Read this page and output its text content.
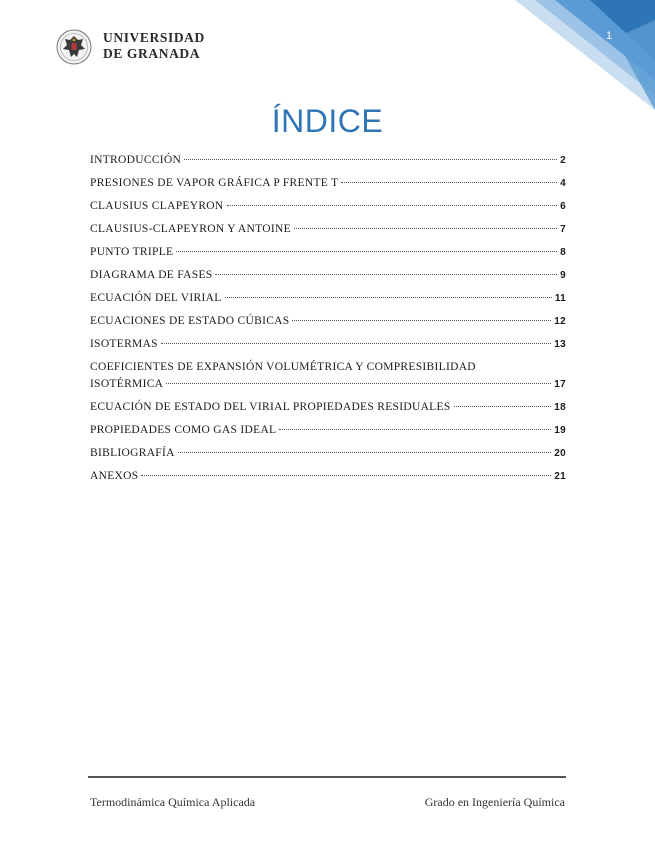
UNIVERSIDAD
DE GRANADA
1
ÍNDICE
INTRODUCCIÓN	2
PRESIONES DE VAPOR GRÁFICA P FRENTE T	4
CLAUSIUS CLAPEYRON	6
CLAUSIUS-CLAPEYRON Y ANTOINE	7
PUNTO TRIPLE	8
DIAGRAMA DE FASES	9
ECUACIÓN DEL VIRIAL	11
ECUACIONES DE ESTADO CÚBICAS	12
ISOTERMAS	13
COEFICIENTES DE EXPANSIÓN VOLUMÉTRICA Y COMPRESIBILIDAD
ISOTÉRMICA	17
ECUACIÓN DE ESTADO DEL VIRIAL PROPIEDADES RESIDUALES	18
PROPIEDADES COMO GAS IDEAL	19
BIBLIOGRAFÍA	20
ANEXOS	21
Termodinámica Química Aplicada	Grado en Ingeniería Química
